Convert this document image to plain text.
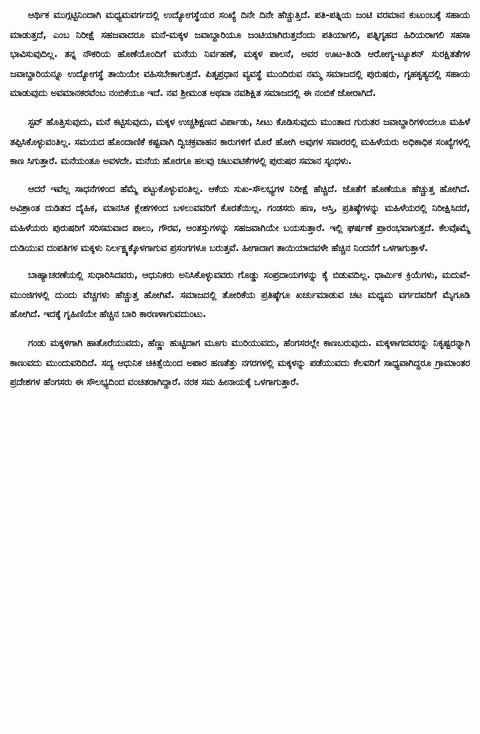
ಆರ್ಥಿಕ ಮುಗ್ಗಟ್ಟಿನಿಂದಾಗಿ ಮಧ್ಯಮವರ್ಗದಲ್ಲಿ ಉದ್ಯೋಗಸ್ಥೆಯರ ಸಂಖ್ಯೆ ದಿನೇ ದಿನೇ ಹೆಚ್ಚುತ್ತಿದೆ. ಪತಿ-ಪತ್ನಿಯ ಜಂಟಿ ವರಮಾನ ಕುಟುಂಬಕ್ಕೆ ಸಹಾಯ ಮಾಡುತ್ತದೆ, ಎಂಬ ನಿರೀಕ್ಷೆ ಸಹಜವಾದರೂ ಮನೆ-ಮಕ್ಕಳ ಜವಾಬ್ದಾರಿಯೂ ಜಂಟಿಯಾಗಿರುತ್ತದೆಂದು ಪತಿಯಾಗಲಿ, ಪತ್ನಿಗೃಹದ ಹಿರಿಯರಾಗಲಿ ಸಹಸಾ ಭಾವಿಸುವುದಿಲ್ಲ. ತನ್ನ ನೌಕರಿಯ ಹೊಣೆಯೊಂದಿಗೆ ಮನೆಯ ನಿರ್ವಹಣೆ, ಮಕ್ಕಳ ಪಾಲನೆ, ಅವರ ಊಟ-ತಿಂಡಿ ಆರೋಗ್ಯ-ಟ್ಯೂಶನ್ ಸುರಕ್ಷಿತತೆಗಳ ಜವಾಬ್ದಾರಿಯನ್ನೂ ಉದ್ಯೋಗಸ್ಥೆ ತಾಯಿಯೇ ವಹಿಸಬೇಕಾಗುತ್ತದೆ. ಪಿತೃಪ್ರಧಾನ ವ್ಯವಸ್ಥೆ ಮುಂದಿರುವ ನಮ್ಮ ಸಮಾಜದಲ್ಲಿ ಪುರುಷರು, ಗೃಹಕೃತ್ಯದಲ್ಲಿ ಸಹಾಯ ಮಾಡುವುದು ಅವಮಾನಕರವೆಂಬ ನಂಬಿಕೆಯೂ ಇದೆ. ನವ ಶ್ರೀಮಂತ ಅಥವಾ ನವಶಿಕ್ಷಿತ ಸಮಾಜದಲ್ಲಿ ಈ ನಂಬಿಕೆ ಜೋರಾಗಿದೆ.

ಸ್ಟವ್ ಹೊತ್ತಿಸುವುದು, ಮನೆ ಕಟ್ಟಿಸುವುದು, ಮಕ್ಕಳ ಉಚ್ಚಶಿಕ್ಷಣದ ವಿರ್ಪಾಡು, ಸೀಟು ಕೊಡಿಸುವುದು ಮುಂತಾದ ಗುರುತರ ಜವಾಬ್ದಾರಿಗಳಿಂದಲೂ ಮಹಿಳೆ ತಪ್ಪಿಸಿಕೊಳ್ಳುವಂತಿಲ್ಲ. ಸಮಯದ ಹೊಂದಾಣಿಕೆ ಕಷ್ಟವಾಗಿ ದ್ವಿಚಕ್ರವಾಹನ ಕಾರುಗಳಿಗೆ ಮೊರೆ ಹೋಗಿ ಅವುಗಳ ಸವಾರರಲ್ಲಿ ಮಹಿಳೆಯರು ಅಧಿಕಾಧಿಕ ಸಂಖ್ಯೆಗಳಲ್ಲಿ ಕಾಣ ಸಿಗುತ್ತಾರೆ. ಮನೆಯಂತೂ ಅವಳದೇ. ಮನೆಯ ಹೊರಗೂ ಹಲವು ಚಟುವಟಿಕೆಗಳಲ್ಲಿ ಪುರುಷರ ಸಮಾನ ಸ್ಕಂಧಳು.

ಆದರೆ ಇವೆಲ್ಲ ಸಾಧನೆಗಳಿಂದ ಹೆಮ್ಮೆ ಪಟ್ಟುಕೊಳ್ಳುವಂತಿಲ್ಲ. ಆಕೆಯ ಸುಖ-ಸೌಲಭ್ಯಗಳ ನಿರೀಕ್ಷೆ ಹೆಚ್ಚಿದೆ. ಜೊತೆಗೆ ಹೊಣೆಯೂ ಹೆಚ್ಚುತ್ತ ಹೋಗಿದೆ. ಅವಿಶ್ರಾಂತ ದುಡಿತದ ದೈಹಿಕ, ಮಾನಸಿಕ ಕ್ಲೇಶಗಳಿಂದ ಬಳಲುವವರಿಗೆ ಕೊರತೆಯಿಲ್ಲ. ಗಂಡಸರು ಹಣ, ಆಸ್ತಿ, ಪ್ರತಿಷ್ಠೆಗಳನ್ನು ಮಹಿಳೆಯರಲ್ಲಿ ನಿರೀಕ್ಷಿಸಿದರೆ, ಮಹಿಳೆಯರು ಪುರುಷರಿಗೆ ಸರಿಸಮವಾದ ಪಾಲು, ಗೌರವ, ಅಂತಸ್ತುಗಳನ್ನು ಸಹಜವಾಗಿಯೇ ಬಯಸುತ್ತಾರೆ. ಇಲ್ಲಿ ಘರ್ಷಣೆ ಪ್ರಾರಂಭವಾಗುತ್ತದೆ. ಕೆಲವೊಮ್ಮೆ ದುಡಿಯುವ ದಂಪತಿಗಳ ಮಕ್ಕಳು ನಿರ್ಲಕ್ಷ್ಯಕ್ಕೊಳಗಾಗುವ ಪ್ರಸಂಗಗಳೂ ಬರುತ್ತವೆ. ಹೀಗಾದಾಗ ತಾಯಿಯಾದವಳೇ ಹೆಚ್ಚಿನ ನಿಂದನೆಗೆ ಒಳಗಾಗುತ್ತಾಳೆ.

ಬಾಹ್ಯಾಚರಣೆಯಲ್ಲಿ ಸುಧಾರಿಸಿದವರು, ಆಧುನಿಕರು ಅನಿಸಿಕೊಳ್ಳುವವರು ಗೊಡ್ಡು ಸಂಪ್ರದಾಯಗಳನ್ನು ಕೈ ಬಿಡುವದಿಲ್ಲ. ಧಾರ್ಮಿಕ ಕ್ರಿಯೆಗಳು, ಮದುವೆ-ಮುಂಜಿಗಳಲ್ಲಿ ದುಂದು ವೆಚ್ಚಗಳು ಹೆಚ್ಚುತ್ತ ಹೋಗಿವೆ. ಸಮಾಜದಲ್ಲಿ ತೋರಿಕೆಯ ಪ್ರತಿಷ್ಠೆಗೂ ಖರ್ಚುಮಾಡುವ ಚಟ ಮಧ್ಯಮ ವರ್ಗದವರಿಗೆ ಮೈಗೂಡಿ ಹೋಗಿದೆ. ಇದಕ್ಕೆ ಗೃಹಿಣಿಯೇ ಹೆಚ್ಚಿನ ಬಾರಿ ಕಾರಣಳಾಗುವದುಂಟು.

ಗಂಡು ಮಕ್ಕಳಿಗಾಗಿ ಹಾತೊರೆಯುವದು, ಹೆಣ್ಣು ಹುಟ್ಟಿದಾಗ ಮೂಗು ಮುರಿಯುವದು, ಹೆಂಗಸರಲ್ಲೇ ಕಾಣಬರುವುದು. ಮಕ್ಕಳಾಗದವರನ್ನು ನಿಕೃಷ್ಟರನ್ನಾಗಿ ಕಾಣುವದು ಮುಂದುವರಿದಿದೆ. ಸದ್ಯ ಆಧುನಿಕ ಚಿಕಿತ್ಸೆಯಿಂದ ಅಪಾರ ಹಣತೆತ್ತು ನಗರಗಳಲ್ಲಿ ಮಕ್ಕಳನ್ನು ಪಡೆಯುವದು ಕೆಲವರಿಗೆ ಸಾಧ್ಯವಾಗಿದ್ದರೂ ಗ್ರಾಮಾಂತರ ಪ್ರದೇಶಗಳ ಹೆಂಗಸರು ಈ ಸೌಲಭ್ಯದಿಂದ ವಂಚಿತರಾಗಿದ್ದಾರೆ. ನರಕ ಸಮ ಹೀನಾಯಕ್ಕೆ ಒಳಗಾಗುತ್ತಾರೆ.
